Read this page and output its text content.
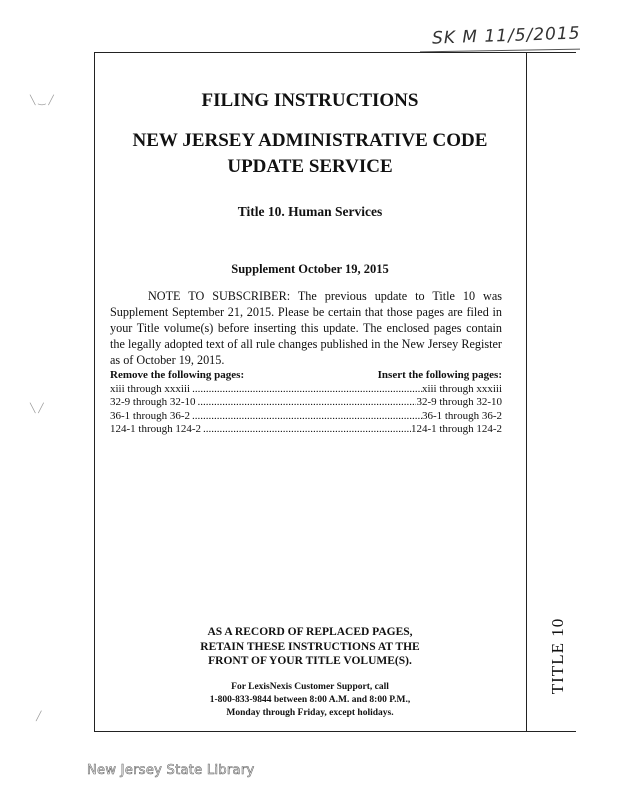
SK M 11/5/2015
╲ ‿ ╱
╲ ╱
╱
TITLE 10
FILING INSTRUCTIONS
NEW JERSEY ADMINISTRATIVE CODE
UPDATE SERVICE
Title 10. Human Services
Supplement October 19, 2015
NOTE TO SUBSCRIBER: The previous update to Title 10 was Supplement September 21, 2015. Please be certain that those pages are filed in your Title volume(s) before inserting this update. The enclosed pages contain the legally adopted text of all rule changes published in the New Jersey Register as of October 19, 2015.
Remove the following pages:	Insert the following pages:
xiii through xxxiii .....	xiii through xxxiii
32-9 through 32-10 .....	32-9 through 32-10
36-1 through 36-2 .....	36-1 through 36-2
124-1 through 124-2 .....	124-1 through 124-2
AS A RECORD OF REPLACED PAGES,
RETAIN THESE INSTRUCTIONS AT THE
FRONT OF YOUR TITLE VOLUME(S).
For LexisNexis Customer Support, call
1-800-833-9844 between 8:00 A.M. and 8:00 P.M.,
Monday through Friday, except holidays.
New Jersey State Library
